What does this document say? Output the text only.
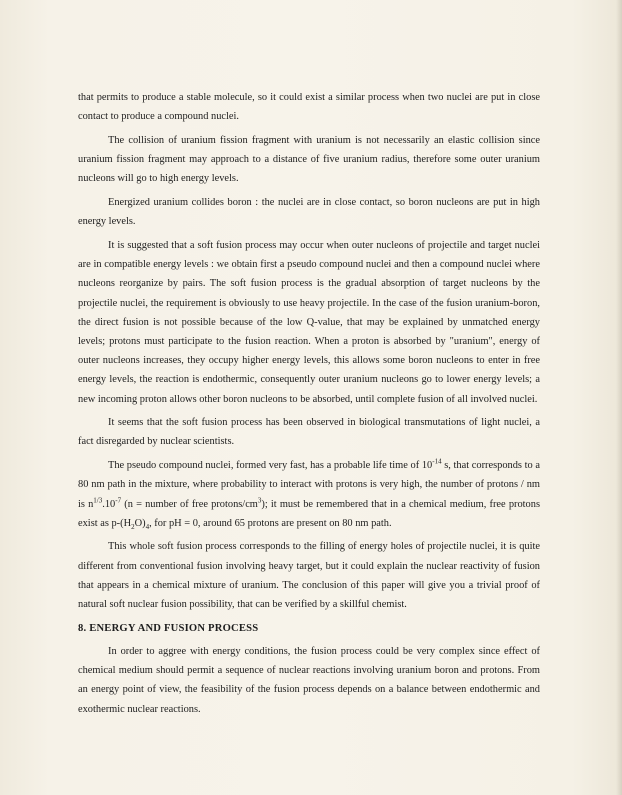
that permits to produce a stable molecule, so it could exist a similar process when two nuclei are put in close contact to produce a compound nuclei.

The collision of uranium fission fragment with uranium is not necessarily an elastic collision since uranium fission fragment may approach to a distance of five uranium radius, therefore some outer uranium nucleons will go to high energy levels.

Energized uranium collides boron : the nuclei are in close contact, so boron nucleons are put in high energy levels.

It is suggested that a soft fusion process may occur when outer nucleons of projectile and target nuclei are in compatible energy levels : we obtain first a pseudo compound nuclei and then a compound nuclei where nucleons reorganize by pairs. The soft fusion process is the gradual absorption of target nucleons by the projectile nuclei, the requirement is obviously to use heavy projectile. In the case of the fusion uranium-boron, the direct fusion is not possible because of the low Q-value, that may be explained by unmatched energy levels; protons must participate to the fusion reaction. When a proton is absorbed by "uranium", energy of outer nucleons increases, they occupy higher energy levels, this allows some boron nucleons to enter in free energy levels, the reaction is endothermic, consequently outer uranium nucleons go to lower energy levels; a new incoming proton allows other boron nucleons to be absorbed, until complete fusion of all involved nuclei.

It seems that the soft fusion process has been observed in biological transmutations of light nuclei, a fact disregarded by nuclear scientists.

The pseudo compound nuclei, formed very fast, has a probable life time of $10^{-14}$ s, that corresponds to a 80 nm path in the mixture, where probability to interact with protons is very high, the number of protons / nm is $n^{1/3}.10^{-7}$ (n = number of free protons/$cm^3$); it must be remembered that in a chemical medium, free protons exist as $p-(H_2O)_4$, for pH = 0, around 65 protons are present on 80 nm path.

This whole soft fusion process corresponds to the filling of energy holes of projectile nuclei, it is quite different from conventional fusion involving heavy target, but it could explain the nuclear reactivity of fusion that appears in a chemical mixture of uranium. The conclusion of this paper will give you a trivial proof of natural soft nuclear fusion possibility, that can be verified by a skillful chemist.

8. ENERGY AND FUSION PROCESS

In order to aggree with energy conditions, the fusion process could be very complex since effect of chemical medium should permit a sequence of nuclear reactions involving uranium boron and protons. From an energy point of view, the feasibility of the fusion process depends on a balance between endothermic and exothermic nuclear reactions.
